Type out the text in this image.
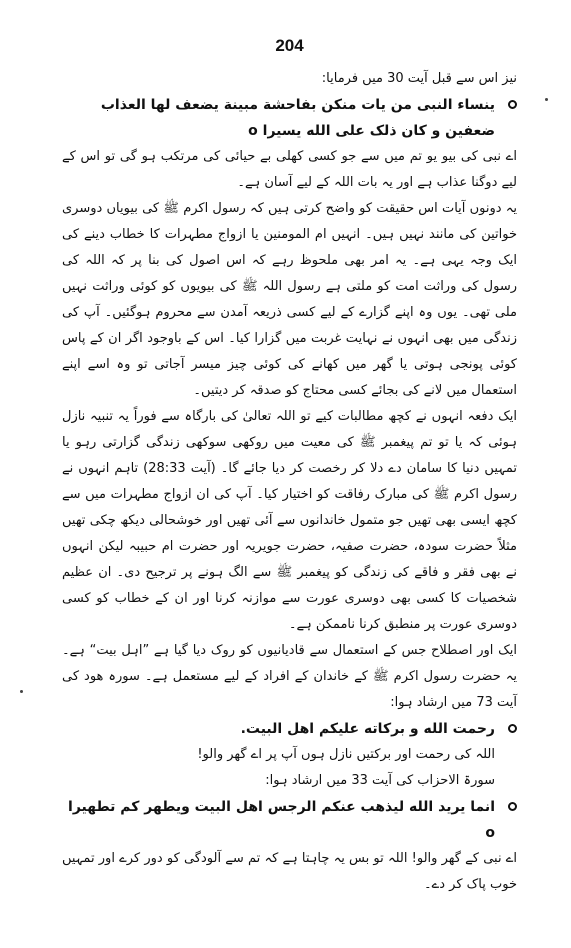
204

نیز اس سے قبل آیت 30 میں فرمایا:

ینساء النبی من یات منکن بفاحشة مبینة یضعف لها العذاب ضعفین و کان ذلک علی الله یسیرا o

اے نبی کی بیو یو تم میں سے جو کسی کھلی بے حیائی کی مرتکب ہو گی تو اس کے لیے دوگنا عذاب ہے اور یہ بات اللہ کے لیے آسان ہے۔

یہ دونوں آیات اس حقیقت کو واضح کرتی ہیں کہ رسول اکرم ﷺ کی بیویاں دوسری خواتین کی مانند نہیں ہیں۔ انہیں ام المومنین یا ازواج مطہرات کا خطاب دینے کی ایک وجہ یہی ہے۔ یہ امر بھی ملحوظ رہے کہ اس اصول کی بنا پر کہ اللہ کی رسول کی وراثت امت کو ملتی ہے رسول اللہ ﷺ کی بیویوں کو کوئی وراثت نہیں ملی تھی۔ یوں وہ اپنے گزارے کے لیے کسی ذریعہ آمدن سے محروم ہوگئیں۔ آپ کی زندگی میں بھی انہوں نے نہایت غربت میں گزارا کیا۔ اس کے باوجود اگر ان کے پاس کوئی پونجی ہوتی یا گھر میں کھانے کی کوئی چیز میسر آجاتی تو وہ اسے اپنے استعمال میں لانے کی بجائے کسی محتاج کو صدقہ کر دیتیں۔

ایک دفعہ انہوں نے کچھ مطالبات کیے تو اللہ تعالیٰ کی بارگاہ سے فوراً یہ تنبیہ نازل ہوئی کہ یا تو تم پیغمبر ﷺ کی معیت میں روکھی سوکھی زندگی گزارتی رہو یا تمہیں دنیا کا سامان دے دلا کر رخصت کر دیا جائے گا۔ (آیت 28:33) تاہم انہوں نے رسول اکرم ﷺ کی مبارک رفاقت کو اختیار کیا۔ آپ کی ان ازواج مطہرات میں سے کچھ ایسی بھی تھیں جو متمول خاندانوں سے آئی تھیں اور خوشحالی دیکھ چکی تھیں مثلاً حضرت سودہ، حضرت صفیہ، حضرت جویریہ اور حضرت ام حبیبہ لیکن انہوں نے بھی فقر و فاقے کی زندگی کو پیغمبر ﷺ سے الگ ہونے پر ترجیح دی۔ ان عظیم شخصیات کا کسی بھی دوسری عورت سے موازنہ کرنا اور ان کے خطاب کو کسی دوسری عورت پر منطبق کرنا ناممکن ہے۔

ایک اور اصطلاح جس کے استعمال سے قادیانیوں کو روک دیا گیا ہے ”اہل بیت“ ہے۔ یہ حضرت رسول اکرم ﷺ کے خاندان کے افراد کے لیے مستعمل ہے۔ سورہ ھود کی آیت 73 میں ارشاد ہوا:

رحمت الله و برکاته علیکم اهل البیت.

اللہ کی رحمت اور برکتیں نازل ہوں آپ پر اے گھر والو!

سورۃ الاحزاب کی آیت 33 میں ارشاد ہوا:

انما یرید الله لیذهب عنکم الرجس اهل البیت ویطهر کم تطهیرا o

اے نبی کے گھر والو! اللہ تو بس یہ چاہتا ہے کہ تم سے آلودگی کو دور کرے اور تمہیں خوب پاک کر دے۔
